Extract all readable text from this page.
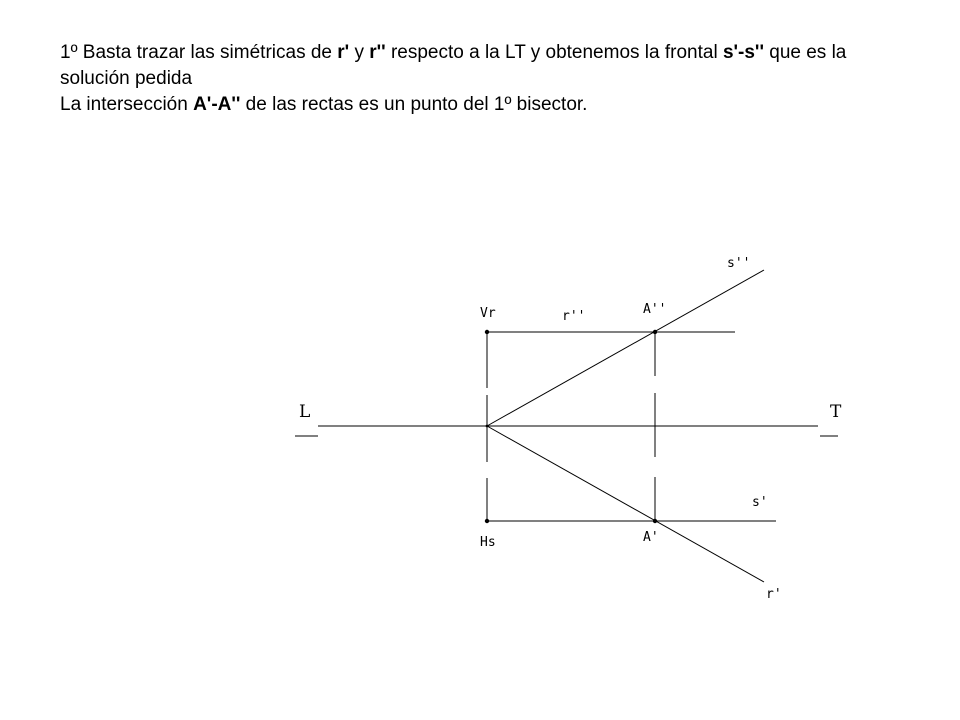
1º Basta trazar las simétricas de r' y r'' respecto a la LT y obtenemos la frontal s'-s'' que es la solución pedida

La intersección A'-A'' de las rectas es un punto del 1º bisector.

L	T
Vr	r''	A''
s''
Hs	A'
s'
r'
